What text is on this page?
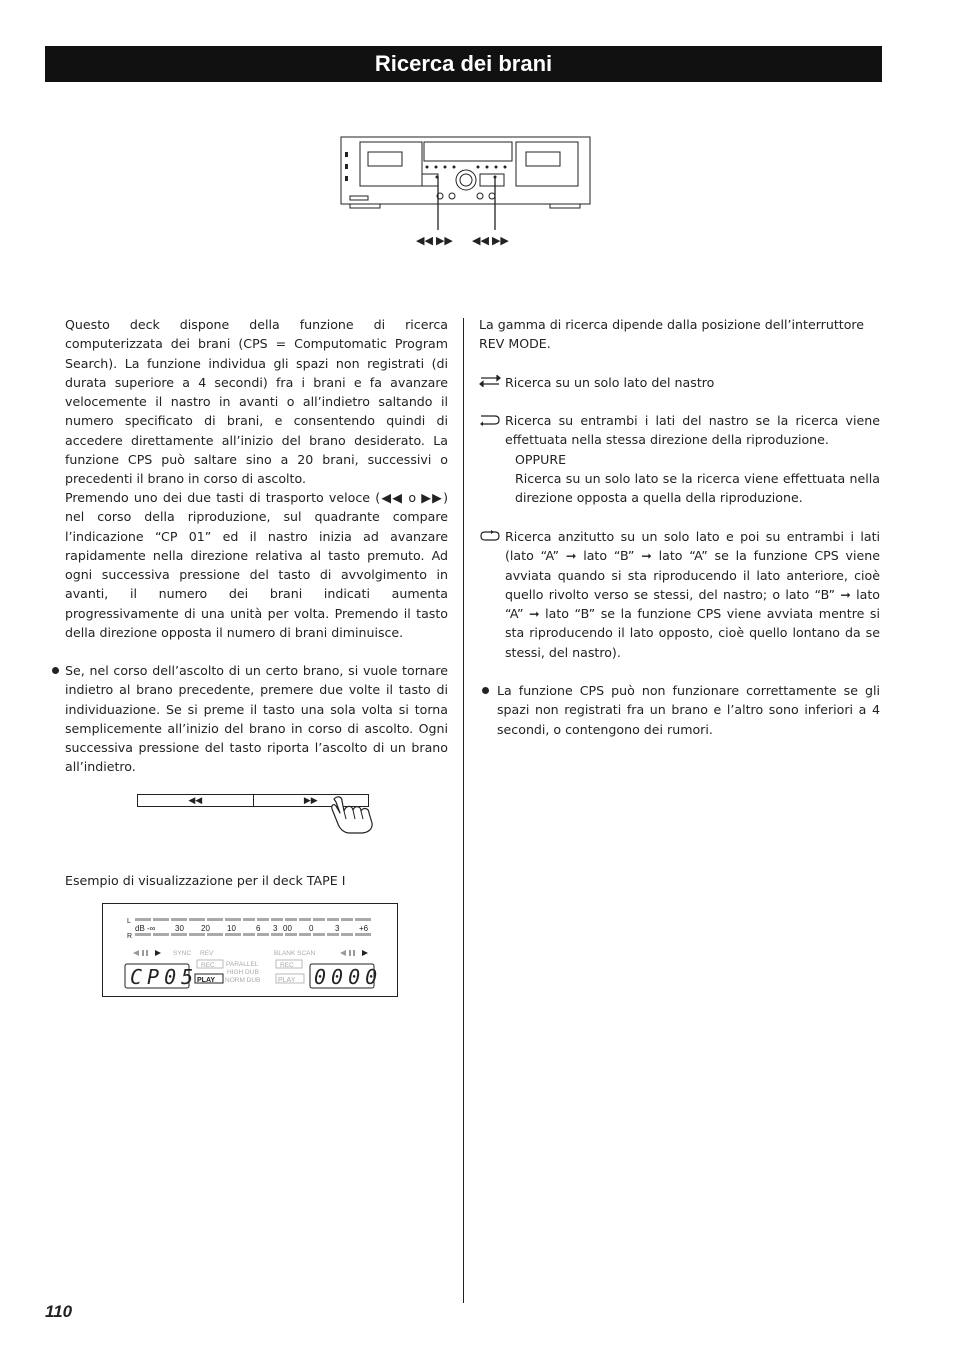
Ricerca dei brani
◀◀ ▶▶ ◀◀ ▶▶

Questo deck dispone della funzione di ricerca computerizzata dei brani (CPS = Computomatic Program Search). La funzione individua gli spazi non registrati (di durata superiore a 4 secondi) fra i brani e fa avanzare velocemente il nastro in avanti o all’indietro saltando il numero specificato di brani, e consentendo quindi di accedere direttamente all’inizio del brano desiderato. La funzione CPS può saltare sino a 20 brani, successivi o precedenti il brano in corso di ascolto.

Premendo uno dei due tasti di trasporto veloce (◀◀ o ▶▶) nel corso della riproduzione, sul quadrante compare l’indicazione “CP 01” ed il nastro inizia ad avanzare rapidamente nella direzione relativa al tasto premuto. Ad ogni successiva pressione del tasto di avvolgimento in avanti, il numero dei brani indicati aumenta progressivamente di una unità per volta. Premendo il tasto della direzione opposta il numero di brani diminuisce.

Se, nel corso dell’ascolto di un certo brano, si vuole tornare indietro al brano precedente, premere due volte il tasto di individuazione. Se si preme il tasto una sola volta si torna semplicemente all’inizio del brano in corso di ascolto. Ogni successiva pressione del tasto riporta l’ascolto di un brano all’indietro.

◀◀	▶▶
Esempio di visualizzazione per il deck TAPE I
L
R
dB -∞ 30 20 10	6 3 00 0	3 +6
SYNC REV	BLANK SCAN
PARALLEL
HIGH DUB
NORM DUB
REC
PLAY
REC
PLAY
CP05	0000

La gamma di ricerca dipende dalla posizione dell’interruttore REV MODE.

Ricerca su un solo lato del nastro

Ricerca su entrambi i lati del nastro se la ricerca viene effettuata nella stessa direzione della riproduzione.

OPPURE

Ricerca su un solo lato se la ricerca viene effettuata nella direzione opposta a quella della riproduzione.

Ricerca anzitutto su un solo lato e poi su entrambi i lati (lato “A” ➞ lato “B” ➞ lato “A” se la funzione CPS viene avviata quando si sta riproducendo il lato anteriore, cioè quello rivolto verso se stessi, del nastro; o lato “B” ➞ lato “A” ➞ lato “B” se la funzione CPS viene avviata mentre si sta riproducendo il lato opposto, cioè quello lontano da se stessi, del nastro).

La funzione CPS può non funzionare correttamente se gli spazi non registrati fra un brano e l’altro sono inferiori a 4 secondi, o contengono dei rumori.

110
